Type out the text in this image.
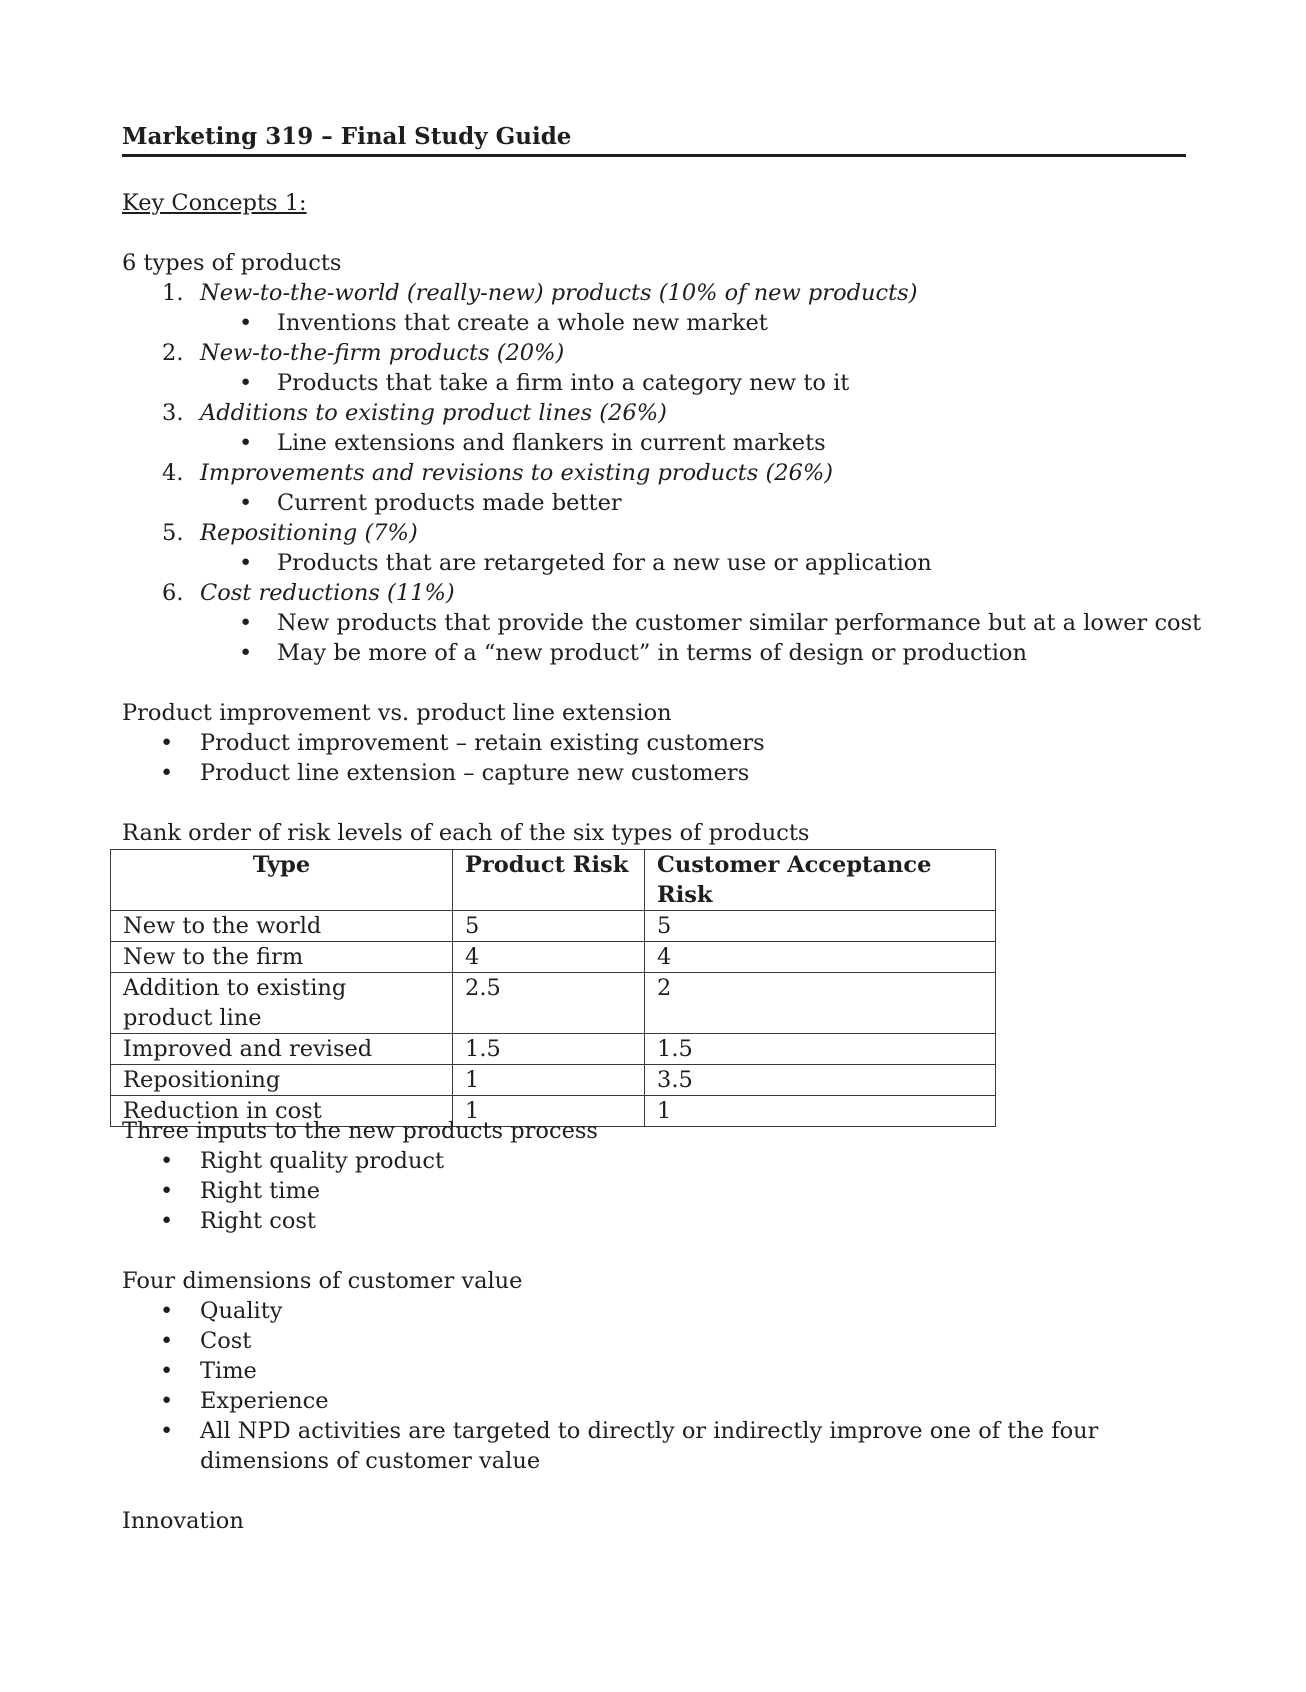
Marketing 319 – Final Study Guide
Key Concepts 1:
6 types of products
1. New-to-the-world (really-new) products (10% of new products)
• Inventions that create a whole new market
2. New-to-the-firm products (20%)
• Products that take a firm into a category new to it
3. Additions to existing product lines (26%)
• Line extensions and flankers in current markets
4. Improvements and revisions to existing products (26%)
• Current products made better
5. Repositioning (7%)
• Products that are retargeted for a new use or application
6. Cost reductions (11%)
• New products that provide the customer similar performance but at a lower cost
• May be more of a “new product” in terms of design or production
Product improvement vs. product line extension
• Product improvement – retain existing customers
• Product line extension – capture new customers
Rank order of risk levels of each of the six types of products
Type	Product Risk	Customer Acceptance Risk
New to the world	5	5
New to the firm	4	4
Addition to existing product line	2.5	2
Improved and revised	1.5	1.5
Repositioning	1	3.5
Reduction in cost	1	1
Three inputs to the new products process
• Right quality product
• Right time
• Right cost
Four dimensions of customer value
• Quality
• Cost
• Time
• Experience
• All NPD activities are targeted to directly or indirectly improve one of the four dimensions of customer value
Innovation
